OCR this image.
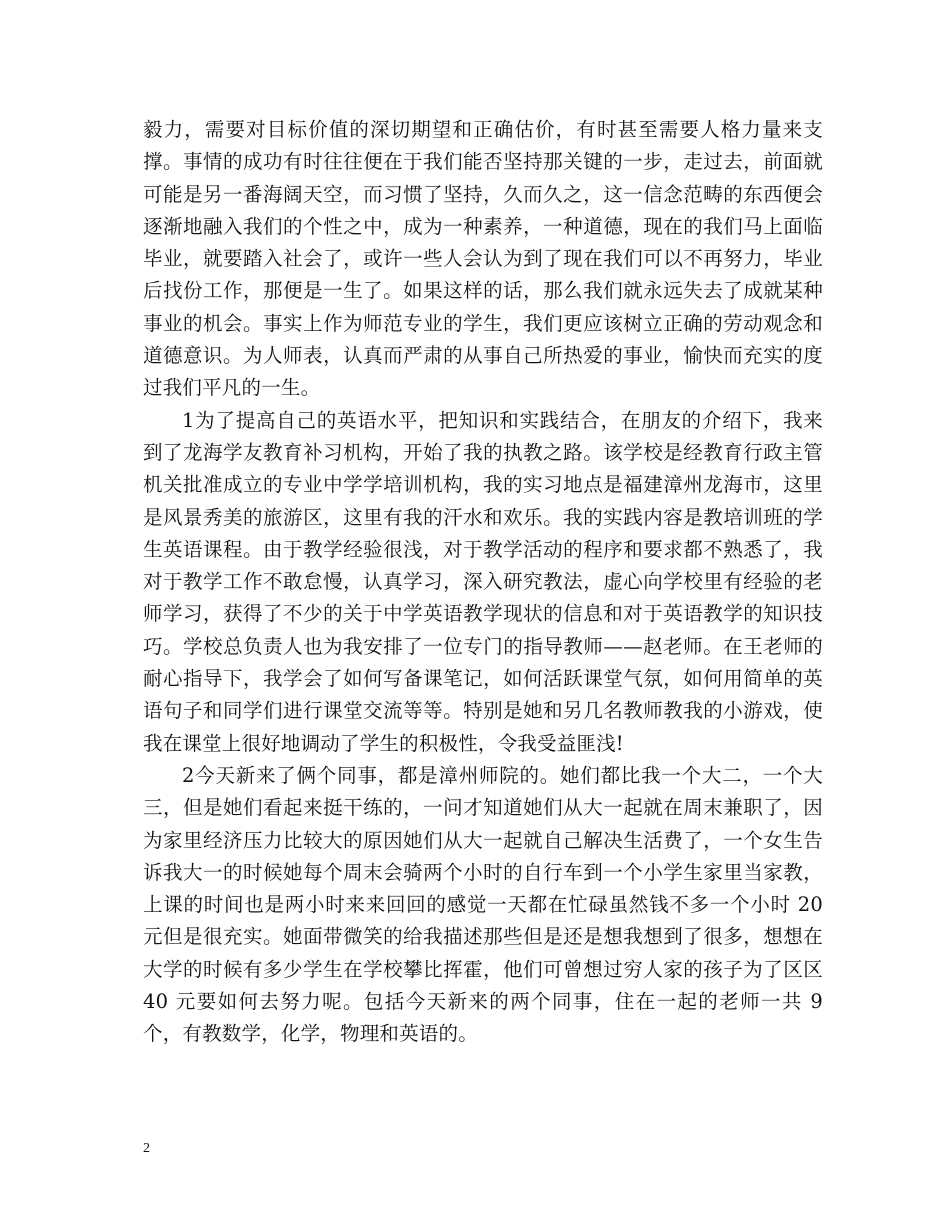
毅力，需要对目标价值的深切期望和正确估价，有时甚至需要人格力量来支撑。事情的成功有时往往便在于我们能否坚持那关键的一步，走过去，前面就可能是另一番海阔天空，而习惯了坚持，久而久之，这一信念范畴的东西便会逐渐地融入我们的个性之中，成为一种素养，一种道德，现在的我们马上面临毕业，就要踏入社会了，或许一些人会认为到了现在我们可以不再努力，毕业后找份工作，那便是一生了。如果这样的话，那么我们就永远失去了成就某种事业的机会。事实上作为师范专业的学生，我们更应该树立正确的劳动观念和道德意识。为人师表，认真而严肃的从事自己所热爱的事业，愉快而充实的度过我们平凡的一生。

1为了提高自己的英语水平，把知识和实践结合，在朋友的介绍下，我来到了龙海学友教育补习机构，开始了我的执教之路。该学校是经教育行政主管机关批准成立的专业中学学培训机构，我的实习地点是福建漳州龙海市，这里是风景秀美的旅游区，这里有我的汗水和欢乐。我的实践内容是教培训班的学生英语课程。由于教学经验很浅，对于教学活动的程序和要求都不熟悉了，我对于教学工作不敢怠慢，认真学习，深入研究教法，虚心向学校里有经验的老师学习，获得了不少的关于中学英语教学现状的信息和对于英语教学的知识技巧。学校总负责人也为我安排了一位专门的指导教师——赵老师。在王老师的耐心指导下，我学会了如何写备课笔记，如何活跃课堂气氛，如何用简单的英语句子和同学们进行课堂交流等等。特别是她和另几名教师教我的小游戏，使我在课堂上很好地调动了学生的积极性，令我受益匪浅!

2今天新来了俩个同事，都是漳州师院的。她们都比我一个大二，一个大三，但是她们看起来挺干练的，一问才知道她们从大一起就在周末兼职了，因为家里经济压力比较大的原因她们从大一起就自己解决生活费了，一个女生告诉我大一的时候她每个周末会骑两个小时的自行车到一个小学生家里当家教，上课的时间也是两小时来来回回的感觉一天都在忙碌虽然钱不多一个小时 20 元但是很充实。她面带微笑的给我描述那些但是还是想我想到了很多，想想在大学的时候有多少学生在学校攀比挥霍，他们可曾想过穷人家的孩子为了区区 40 元要如何去努力呢。包括今天新来的两个同事，住在一起的老师一共 9 个，有教数学，化学，物理和英语的。

2
